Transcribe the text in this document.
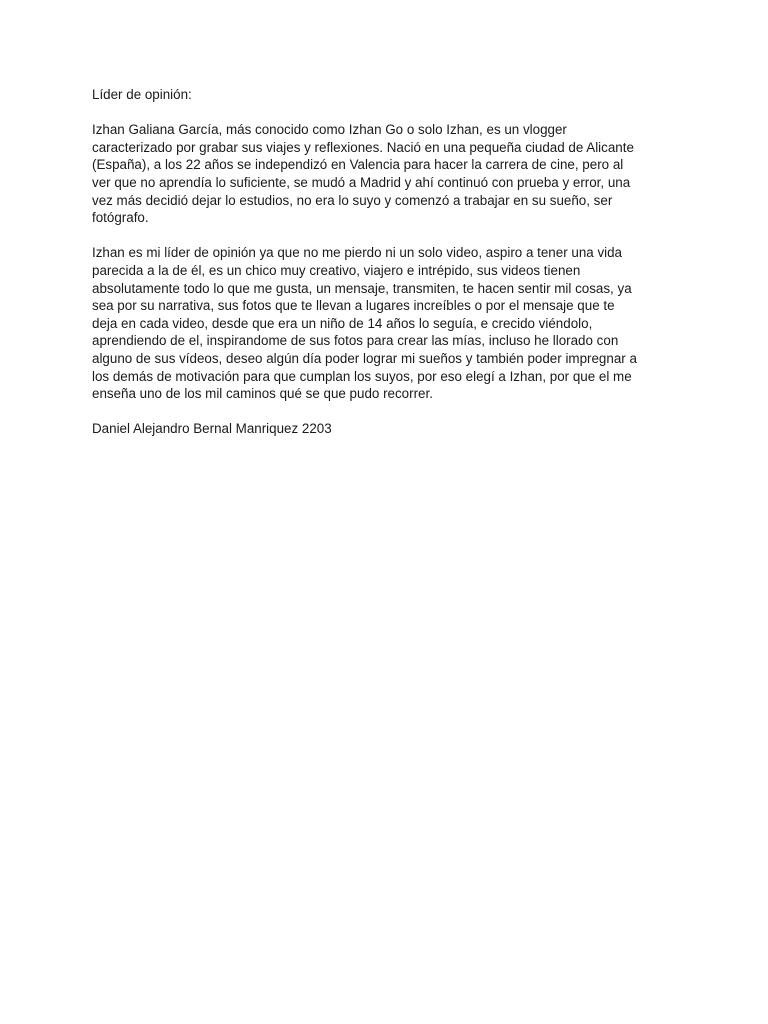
Líder de opinión:
Izhan Galiana García, más conocido como Izhan Go o solo Izhan, es un vlogger
caracterizado por grabar sus viajes y reflexiones. Nació en una pequeña ciudad de Alicante
(España), a los 22 años se independizó en Valencia para hacer la carrera de cine, pero al
ver que no aprendía lo suficiente, se mudó a Madrid y ahí continuó con prueba y error, una
vez más decidió dejar lo estudios, no era lo suyo y comenzó a trabajar en su sueño, ser
fotógrafo.
Izhan es mi líder de opinión ya que no me pierdo ni un solo video, aspiro a tener una vida
parecida a la de él, es un chico muy creativo, viajero e intrépido, sus videos tienen
absolutamente todo lo que me gusta, un mensaje, transmiten, te hacen sentir mil cosas, ya
sea por su narrativa, sus fotos que te llevan a lugares increíbles o por el mensaje que te
deja en cada video, desde que era un niño de 14 años lo seguía, e crecido viéndolo,
aprendiendo de el, inspirandome de sus fotos para crear las mías, incluso he llorado con
alguno de sus vídeos, deseo algún día poder lograr mi sueños y también poder impregnar a
los demás de motivación para que cumplan los suyos, por eso elegí a Izhan, por que el me
enseña uno de los mil caminos qué se que pudo recorrer.
Daniel Alejandro Bernal Manriquez 2203
